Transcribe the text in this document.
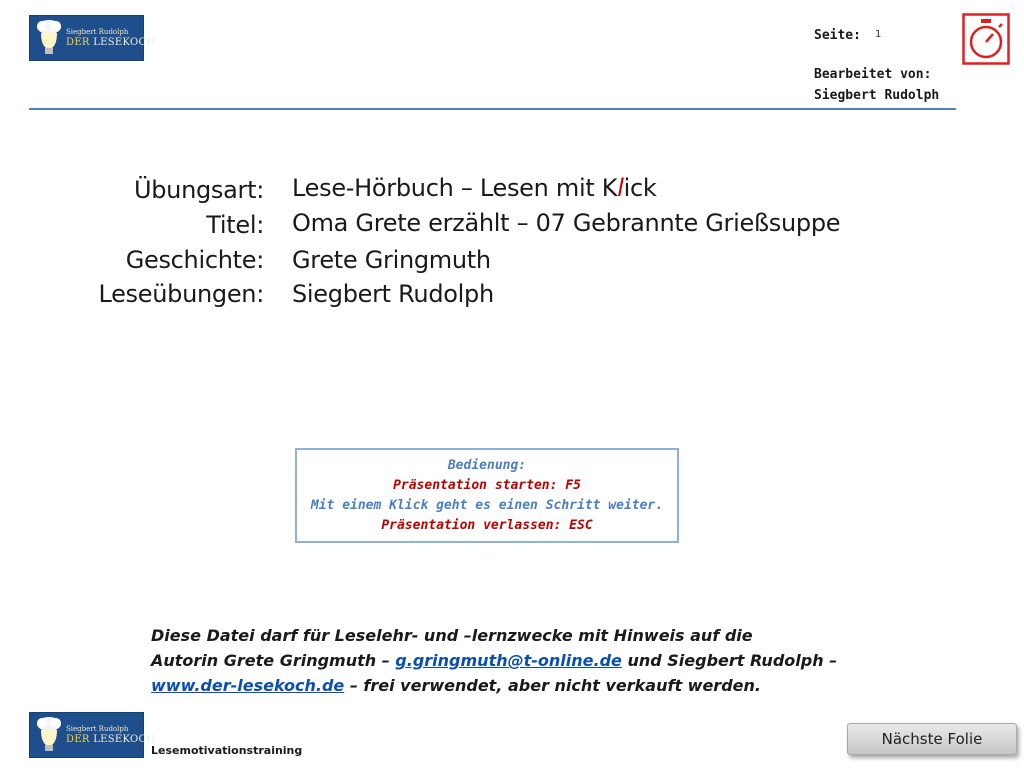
Siegbert Rudolph
DER LESEKOCH	Seite: 1
Bearbeitet von:
Siegbert Rudolph
Übungsart: Lese-Hörbuch – Lesen mit Klick
Titel: Oma Grete erzählt – 07 Gebrannte Grießsuppe
Geschichte: Grete Gringmuth
Leseübungen: Siegbert Rudolph
Bedienung:
Präsentation starten: F5
Mit einem Klick geht es einen Schritt weiter.
Präsentation verlassen: ESC
Diese Datei darf für Leselehr- und –lernzwecke mit Hinweis auf die
Autorin Grete Gringmuth – g.gringmuth@t-online.de und Siegbert Rudolph –
www.der-lesekoch.de – frei verwendet, aber nicht verkauft werden.
Siegbert Rudolph
DER LESEKOCH
Lesemotivationstraining
Nächste Folie
